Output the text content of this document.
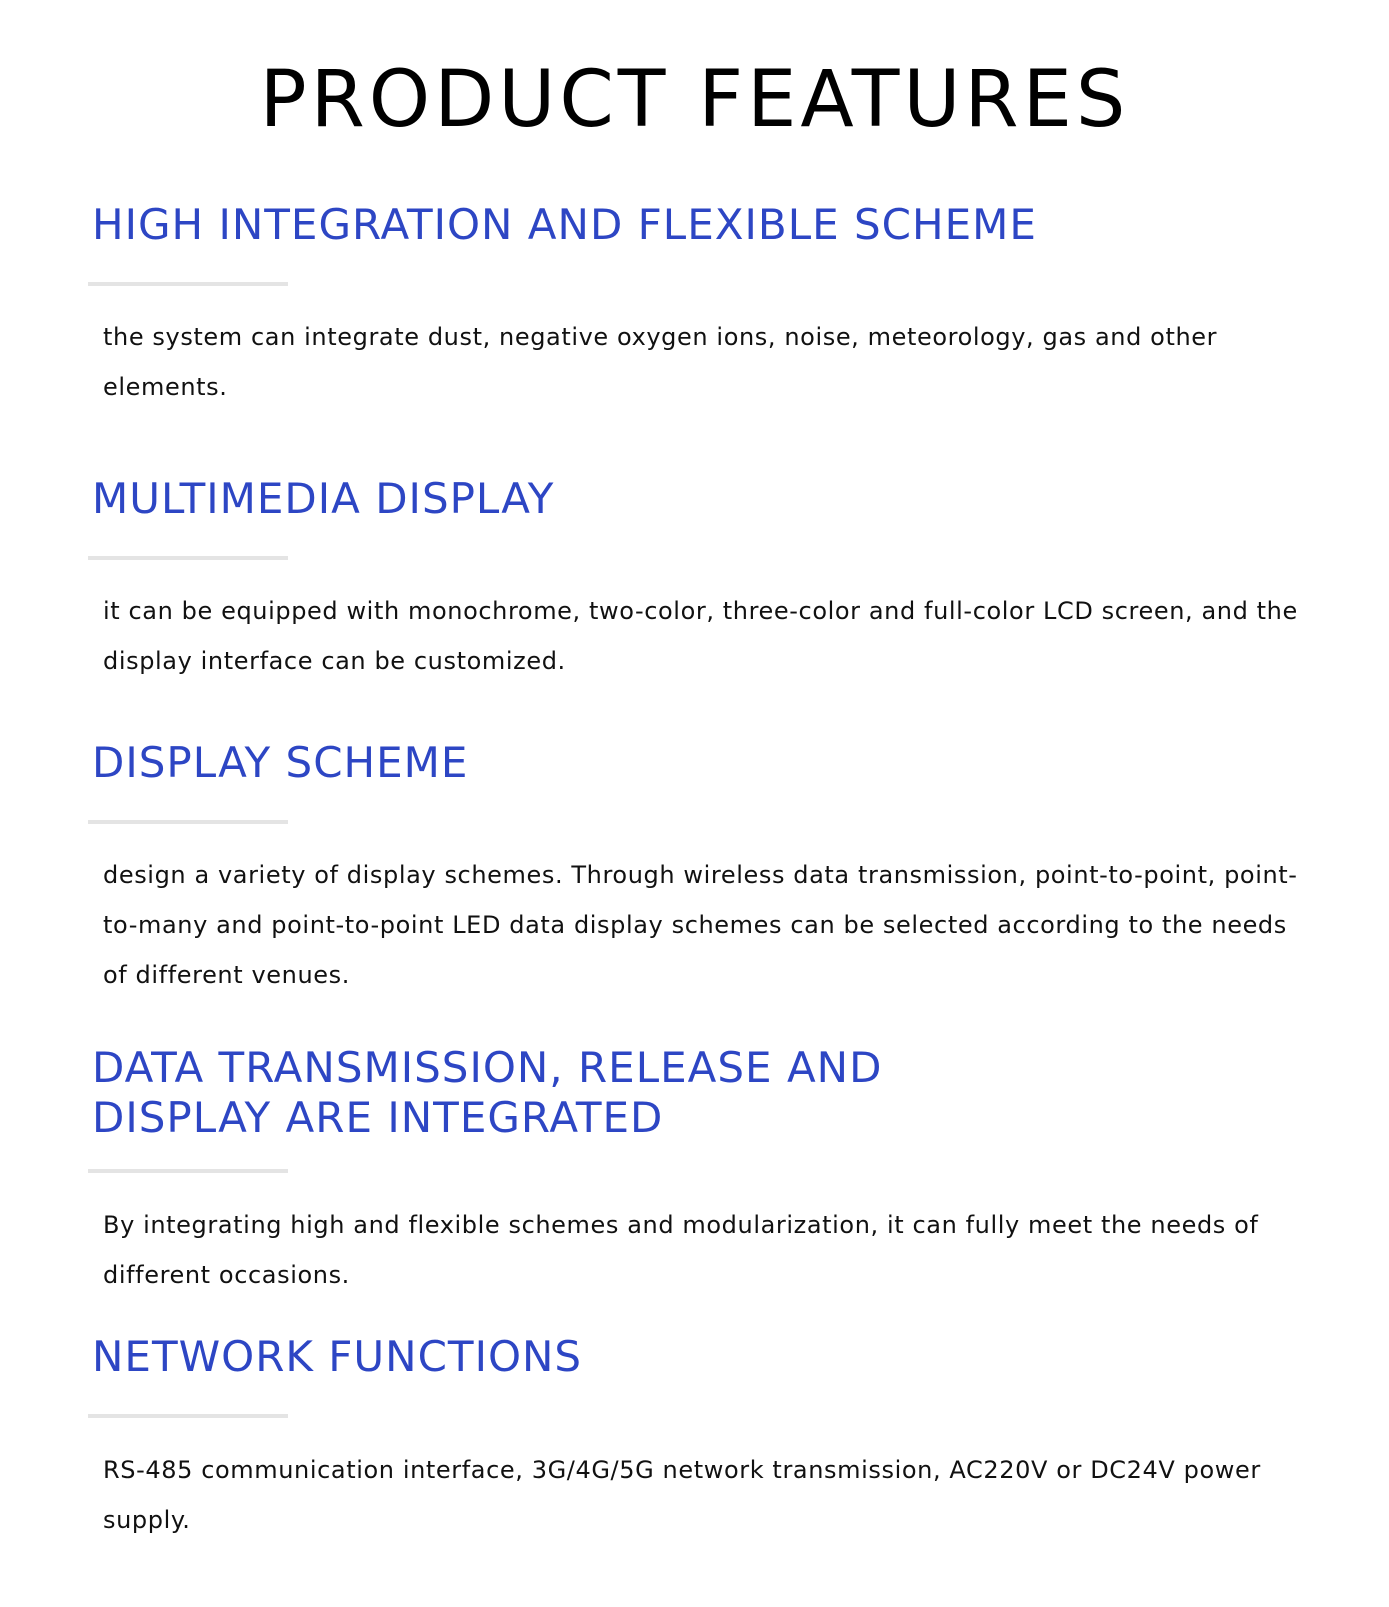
PRODUCT FEATURES
HIGH INTEGRATION AND FLEXIBLE SCHEME

the system can integrate dust, negative oxygen ions, noise, meteorology, gas and other elements.

MULTIMEDIA DISPLAY

it can be equipped with monochrome, two-color, three-color and full-color LCD screen, and the display interface can be customized.

DISPLAY SCHEME

design a variety of display schemes. Through wireless data transmission, point-to-point, point-to-many and point-to-point LED data display schemes can be selected according to the needs of different venues.

DATA TRANSMISSION, RELEASE AND DISPLAY ARE INTEGRATED

By integrating high and flexible schemes and modularization, it can fully meet the needs of different occasions.

NETWORK FUNCTIONS

RS-485 communication interface, 3G/4G/5G network transmission, AC220V or DC24V power supply.
